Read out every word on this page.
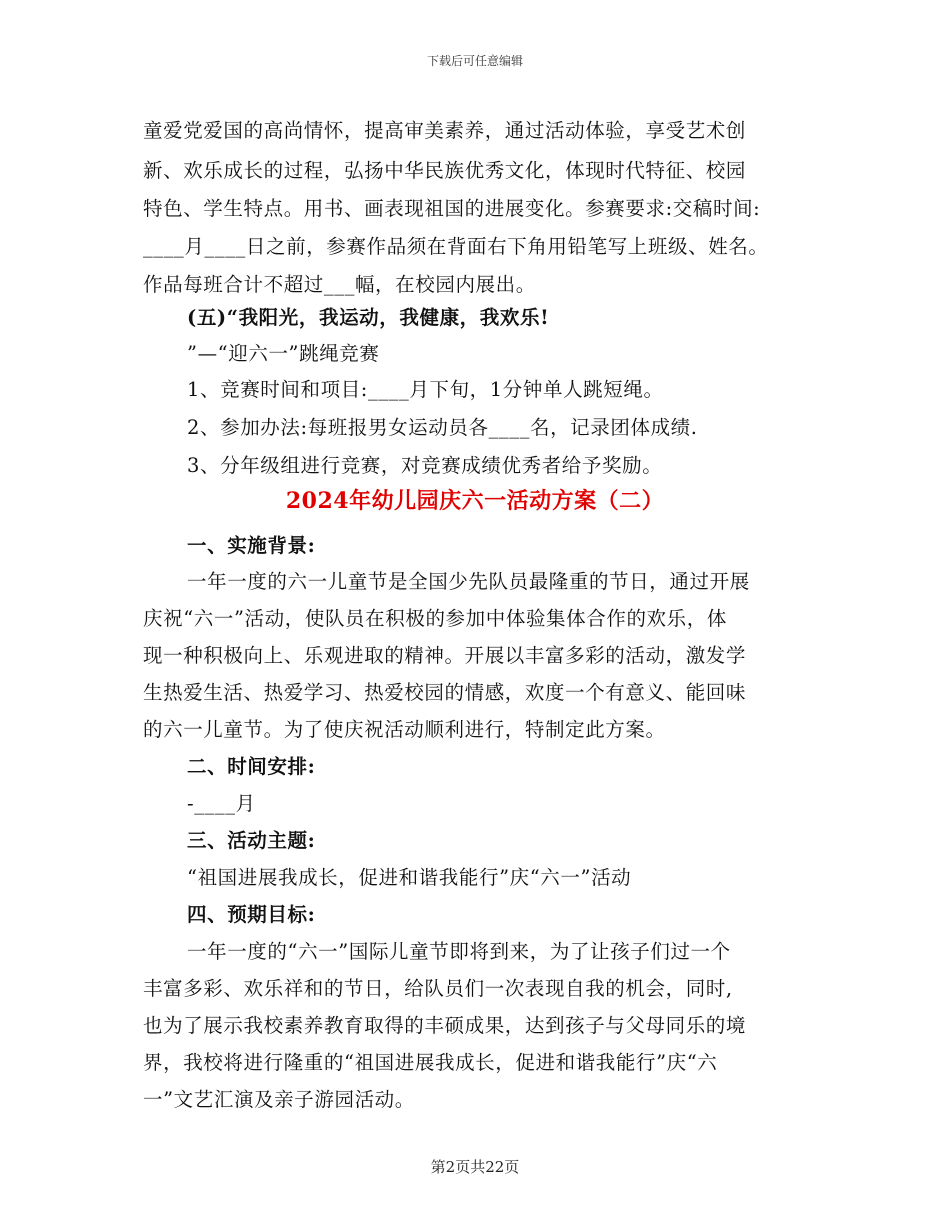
下载后可任意编辑
童爱党爱国的高尚情怀，提高审美素养，通过活动体验，享受艺术创
新、欢乐成长的过程，弘扬中华民族优秀文化，体现时代特征、校园
特色、学生特点。用书、画表现祖国的进展变化。参赛要求:交稿时间:
____月____日之前，参赛作品须在背面右下角用铅笔写上班级、姓名。
作品每班合计不超过___幅，在校园内展出。
(五)“我阳光，我运动，我健康，我欢乐!
”—“迎六一”跳绳竞赛
1、竞赛时间和项目:____月下旬，1分钟单人跳短绳。
2、参加办法:每班报男女运动员各____名，记录团体成绩.
3、分年级组进行竞赛，对竞赛成绩优秀者给予奖励。
2024年幼儿园庆六一活动方案（二）
一、实施背景:
一年一度的六一儿童节是全国少先队员最隆重的节日，通过开展
庆祝“六一”活动，使队员在积极的参加中体验集体合作的欢乐，体
现一种积极向上、乐观进取的精神。开展以丰富多彩的活动，激发学
生热爱生活、热爱学习、热爱校园的情感，欢度一个有意义、能回味
的六一儿童节。为了使庆祝活动顺利进行，特制定此方案。
二、时间安排:
-____月
三、活动主题:
“祖国进展我成长，促进和谐我能行”庆“六一”活动
四、预期目标:
一年一度的“六一”国际儿童节即将到来，为了让孩子们过一个
丰富多彩、欢乐祥和的节日，给队员们一次表现自我的机会，同时,
也为了展示我校素养教育取得的丰硕成果，达到孩子与父母同乐的境
界，我校将进行隆重的“祖国进展我成长，促进和谐我能行”庆“六
一”文艺汇演及亲子游园活动。
第2页共22页
